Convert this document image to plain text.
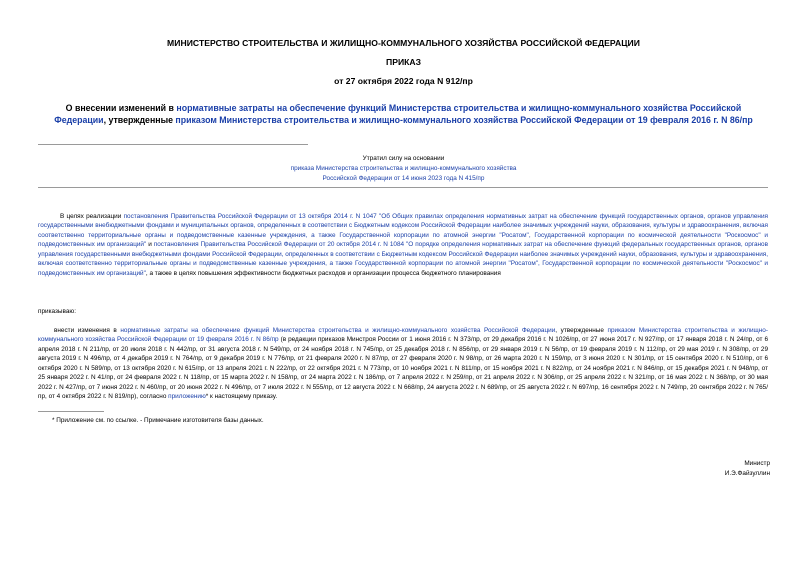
МИНИСТЕРСТВО СТРОИТЕЛЬСТВА И ЖИЛИЩНО-КОММУНАЛЬНОГО ХОЗЯЙСТВА РОССИЙСКОЙ ФЕДЕРАЦИИ
ПРИКАЗ
от 27 октября 2022 года N 912/пр
О внесении изменений в нормативные затраты на обеспечение функций Министерства строительства и жилищно-коммунального хозяйства Российской Федерации, утвержденные приказом Министерства строительства и жилищно-коммунального хозяйства Российской Федерации от 19 февраля 2016 г. N 86/пр
Утратил силу на основании
приказа Министерства строительства и жилищно-коммунального хозяйства
Российской Федерации от 14 июня 2023 года N 415/пр
В целях реализации постановления Правительства Российской Федерации от 13 октября 2014 г. N 1047 "Об Общих правилах определения нормативных затрат на обеспечение функций государственных органов, органов управления государственными внебюджетными фондами и муниципальных органов, определенных в соответствии с Бюджетным кодексом Российской Федерации наиболее значимых учреждений науки, образования, культуры и здравоохранения, включая соответственно территориальные органы и подведомственные казенные учреждения, а также Государственной корпорации по атомной энергии "Росатом", Государственной корпорации по космической деятельности "Роскосмос" и подведомственных им организаций" и постановления Правительства Российской Федерации от 20 октября 2014 г. N 1084 "О порядке определения нормативных затрат на обеспечение функций федеральных государственных органов, органов управления государственными внебюджетными фондами Российской Федерации, определенных в соответствии с Бюджетным кодексом Российской Федерации наиболее значимых учреждений науки, образования, культуры и здравоохранения, включая соответственно территориальные органы и подведомственные казенные учреждения, а также Государственной корпорации по атомной энергии "Росатом", Государственной корпорации по космической деятельности "Роскосмос" и подведомственных им организаций", а также в целях повышения эффективности бюджетных расходов и организации процесса бюджетного планирования
приказываю:
внести изменения в нормативные затраты на обеспечение функций Министерства строительства и жилищно-коммунального хозяйства Российской Федерации, утвержденные приказом Министерства строительства и жилищно-коммунального хозяйства Российской Федерации от 19 февраля 2016 г. N 86/пр (в редакции приказов Минстроя России от 1 июня 2016 г. N 373/пр, от 29 декабря 2016 г. N 1026/пр, от 27 июня 2017 г. N 927/пр, от 17 января 2018 г. N 24/пр, от 6 апреля 2018 г. N 211/пр, от 20 июля 2018 г. N 442/пр, от 31 августа 2018 г. N 549/пр, от 24 ноября 2018 г. N 745/пр, от 25 декабря 2018 г. N 856/пр, от 29 января 2019 г. N 56/пр, от 19 февраля 2019 г. N 112/пр, от 29 мая 2019 г. N 308/пр, от 29 августа 2019 г. N 496/пр, от 4 декабря 2019 г. N 764/пр, от 9 декабря 2019 г. N 776/пр, от 21 февраля 2020 г. N 87/пр, от 27 февраля 2020 г. N 98/пр, от 26 марта 2020 г. N 159/пр, от 3 июня 2020 г. N 301/пр, от 15 сентября 2020 г. N 510/пр, от 6 октября 2020 г. N 589/пр, от 13 октября 2020 г. N 615/пр, от 13 апреля 2021 г. N 222/пр, от 22 октября 2021 г. N 773/пр, от 10 ноября 2021 г. N 811/пр, от 15 ноября 2021 г. N 822/пр, от 24 ноября 2021 г. N 846/пр, от 15 декабря 2021 г. N 948/пр, от 25 января 2022 г. N 41/пр, от 24 февраля 2022 г. N 118/пр, от 15 марта 2022 г. N 158/пр, от 24 марта 2022 г. N 186/пр, от 7 апреля 2022 г. N 259/пр, от 21 апреля 2022 г. N 306/пр, от 25 апреля 2022 г. N 321/пр, от 16 мая 2022 г. N 368/пр, от 30 мая 2022 г. N 427/пр, от 7 июня 2022 г. N 460/пр, от 20 июня 2022 г. N 496/пр, от 7 июля 2022 г. N 555/пр, от 12 августа 2022 г. N 668/пр, 24 августа 2022 г. N 689/пр, от 25 августа 2022 г. N 697/пр, 16 сентября 2022 г. N 749/пр, 20 сентября 2022 г. N 765/пр, от 4 октября 2022 г. N 819/пр), согласно приложению* к настоящему приказу.
* Приложение см. по ссылке. - Примечание изготовителя базы данных.
Министр
И.Э.Файзуллин
